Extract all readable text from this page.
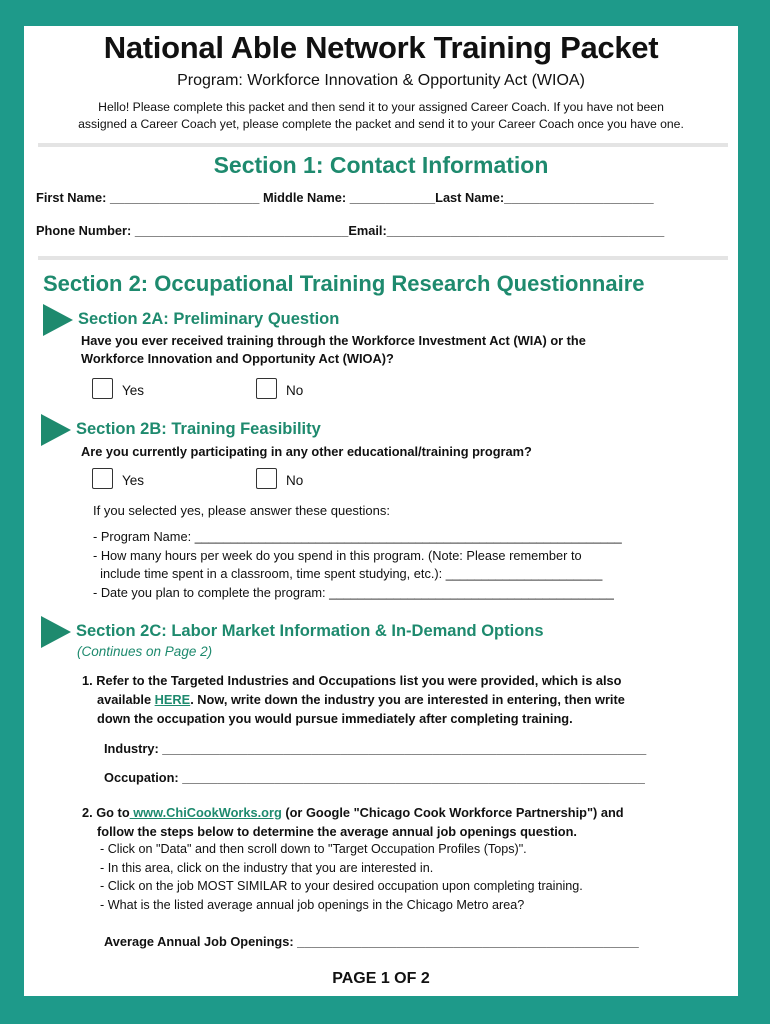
National Able Network Training Packet
Program: Workforce Innovation & Opportunity Act (WIOA)
Hello! Please complete this packet and then send it to your assigned Career Coach. If you have not been
assigned a Career Coach yet, please complete the packet and send it to your Career Coach once you have one.
Section 1: Contact Information
First Name: _____________________ Middle Name: ____________Last Name:_____________________
Phone Number: ______________________________Email:_______________________________________
Section 2: Occupational Training Research Questionnaire
Section 2A: Preliminary Question
Have you ever received training through the Workforce Investment Act (WIA) or the
Workforce Innovation and Opportunity Act (WIOA)?
Yes	No
Section 2B: Training Feasibility
Are you currently participating in any other educational/training program?
Yes	No
If you selected yes, please answer these questions:
- Program Name: ____________________________________________________________
- How many hours per week do you spend in this program. (Note: Please remember to
include time spent in a classroom, time spent studying, etc.): ______________________
- Date you plan to complete the program: ________________________________________
Section 2C: Labor Market Information & In-Demand Options
(Continues on Page 2)
1. Refer to the Targeted Industries and Occupations list you were provided, which is also
available HERE. Now, write down the industry you are interested in entering, then write
down the occupation you would pursue immediately after completing training.
Industry: ____________________________________________________________________
Occupation: _________________________________________________________________
2. Go to www.ChiCookWorks.org (or Google "Chicago Cook Workforce Partnership") and
follow the steps below to determine the average annual job openings question.
- Click on "Data" and then scroll down to "Target Occupation Profiles (Tops)".
- In this area, click on the industry that you are interested in.
- Click on the job MOST SIMILAR to your desired occupation upon completing training.
- What is the listed average annual job openings in the Chicago Metro area?
Average Annual Job Openings: ________________________________________________
PAGE 1 OF 2
